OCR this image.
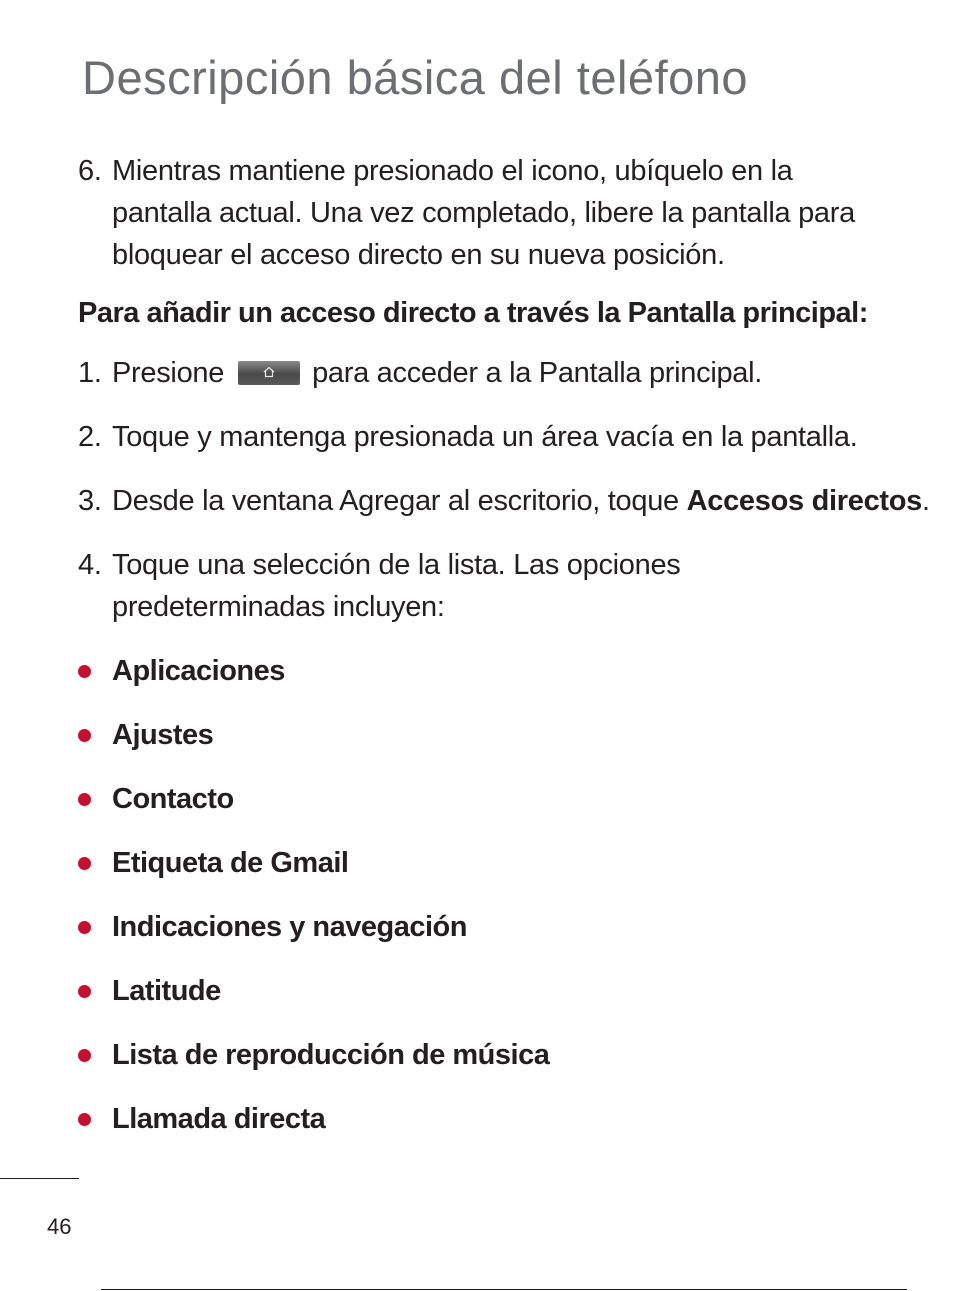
Descripción básica del teléfono
6. Mientras mantiene presionado el icono, ubíquelo en la pantalla actual. Una vez completado, libere la pantalla para bloquear el acceso directo en su nueva posición.
Para añadir un acceso directo a través la Pantalla principal:
1. Presione	para acceder a la Pantalla principal.
2. Toque y mantenga presionada un área vacía en la pantalla.
3. Desde la ventana Agregar al escritorio, toque Accesos directos.
4. Toque una selección de la lista. Las opciones predeterminadas incluyen:
Aplicaciones
Ajustes
Contacto
Etiqueta de Gmail
Indicaciones y navegación
Latitude
Lista de reproducción de música
Llamada directa
46
